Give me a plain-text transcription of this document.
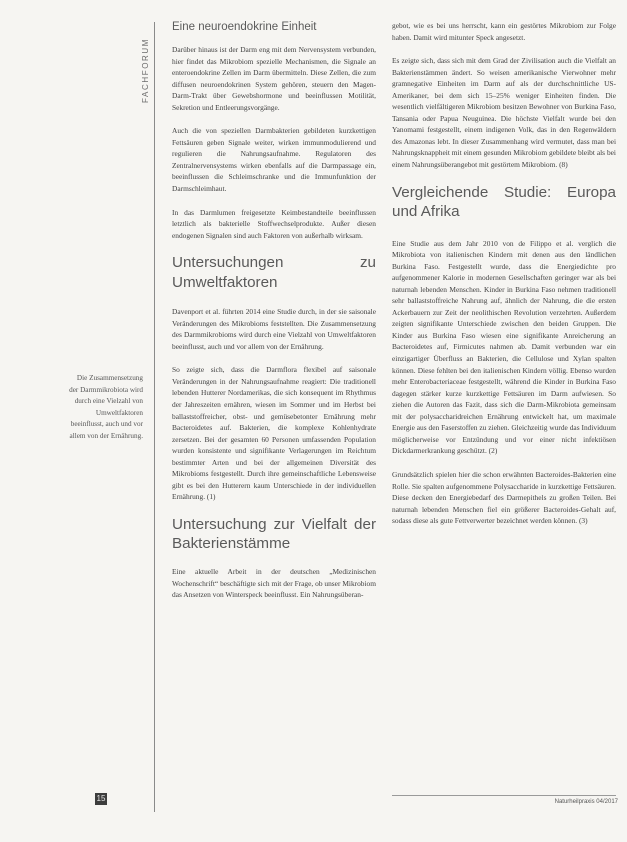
FACHFORUM
Die Zusammensetzung der Darmmikrobiota wird durch eine Vielzahl von Umweltfaktoren beeinflusst, auch und vor allem von der Ernährung.
Eine neuroendokrine Einheit

Darüber hinaus ist der Darm eng mit dem Nervensystem verbunden, hier findet das Mikrobiom spezielle Mechanismen, die Signale an enteroendokrine Zellen im Darm übermitteln. Diese Zellen, die zum diffusen neuroendokrinen System gehören, steuern den Magen-Darm-Trakt über Gewebshormone und beeinflussen Motilität, Sekretion und Entleerungsvorgänge.

Auch die von speziellen Darmbakterien gebildeten kurzkettigen Fettsäuren geben Signale weiter, wirken immunmodulierend und regulieren die Nahrungsaufnahme. Regulatoren des Zentralnervensystems wirken ebenfalls auf die Darmpassage ein, beeinflussen die Schleimschranke und die Immunfunktion der Darmschleimhaut.

In das Darmlumen freigesetzte Keimbestandteile beeinflussen letztlich als bakterielle Stoffwechselprodukte. Außer diesen endogenen Signalen sind auch Faktoren von außerhalb wirksam.

Untersuchungen zu Umweltfaktoren

Davenport et al. führten 2014 eine Studie durch, in der sie saisonale Veränderungen des Mikrobioms feststellten. Die Zusammensetzung des Darmmikrobioms wird durch eine Vielzahl von Umweltfaktoren beeinflusst, auch und vor allem von der Ernährung.

So zeigte sich, dass die Darmflora flexibel auf saisonale Veränderungen in der Nahrungsaufnahme reagiert: Die traditionell lebenden Hutterer Nordamerikas, die sich konsequent im Rhythmus der Jahreszeiten ernähren, wiesen im Sommer und im Herbst bei ballaststoffreicher, obst- und gemüsebetonter Ernährung mehr Bacteroidetes auf. Bakterien, die komplexe Kohlenhydrate zersetzen. Bei der gesamten 60 Personen umfassenden Population wurden konsistente und signifikante Verlagerungen im Reichtum bestimmter Arten und bei der allgemeinen Diversität des Mikrobioms festgestellt. Durch ihre gemeinschaftliche Lebensweise gibt es bei den Hutterern kaum Unterschiede in der individuellen Ernährung. (1)

Untersuchung zur Vielfalt der Bakterienstämme

Eine aktuelle Arbeit in der deutschen „Medizinischen Wochenschrift“ beschäftigte sich mit der Frage, ob unser Mikrobiom das Ansetzen von Winterspeck beeinflusst. Ein Nahrungsüberan-

gebot, wie es bei uns herrscht, kann ein gestörtes Mikrobiom zur Folge haben. Damit wird mitunter Speck angesetzt.

Es zeigte sich, dass sich mit dem Grad der Zivilisation auch die Vielfalt an Bakterienstämmen ändert. So weisen amerikanische Vierwohner mehr gramnegative Einheiten im Darm auf als der durchschnittliche US-Amerikaner, bei dem sich 15–25% weniger Einheiten finden. Die wesentlich vielfältigeren Mikrobiom besitzen Bewohner von Burkina Faso, Tansania oder Papua Neuguinea. Die höchste Vielfalt wurde bei den Yanomami festgestellt, einem indigenen Volk, das in den Regenwäldern des Amazonas lebt. In dieser Zusammenhang wird vermutet, dass man bei Nahrungsknappheit mit einem gesunden Mikrobiom gebildete bleibt als bei einem Nahrungsüberangebot mit gestörtem Mikrobiom. (8)

Vergleichende Studie: Europa und Afrika

Eine Studie aus dem Jahr 2010 von de Filippo et al. verglich die Mikrobiota von italienischen Kindern mit denen aus den ländlichen Burkina Faso. Festgestellt wurde, dass die Energiedichte pro aufgenommener Kalorie in modernen Gesellschaften geringer war als bei naturnah lebenden Menschen. Kinder in Burkina Faso nehmen traditionell sehr ballaststoffreiche Nahrung auf, ähnlich der Nahrung, die die ersten Ackerbauern zur Zeit der neolithischen Revolution verzehrten. Außerdem zeigten signifikante Unterschiede zwischen den beiden Gruppen. Die Kinder aus Burkina Faso wiesen eine signifikante Anreicherung an Bacteroidetes auf, Firmicutes nahmen ab. Damit verbunden war ein einzigartiger Überfluss an Bakterien, die Cellulose und Xylan spalten können. Diese fehlten bei den italienischen Kindern völlig. Ebenso wurden mehr Enterobacteriaceae festgestellt, während die Kinder in Burkina Faso dagegen stärker kurze kurzkettige Fettsäuren im Darm aufwiesen. So ziehen die Autoren das Fazit, dass sich die Darm-Mikrobiota gemeinsam mit der polysaccharidreichen Ernährung entwickelt hat, um maximale Energie aus den Faserstoffen zu ziehen. Gleichzeitig wurde das Individuum möglicherweise vor Entzündung und vor einer nicht infektiösen Dickdarmerkrankung geschützt. (2)

Grundsätzlich spielen hier die schon erwähnten Bacteroides-Bakterien eine Rolle. Sie spalten aufgenommene Polysaccharide in kurzkettige Fettsäuren. Diese decken den Energiebedarf des Darmepithels zu großen Teilen. Bei naturnah lebenden Menschen fiel ein größerer Bacteroides-Gehalt auf, sodass diese als gute Fettverwerter bezeichnet werden können. (3)

15	Naturheilpraxis 04/2017
